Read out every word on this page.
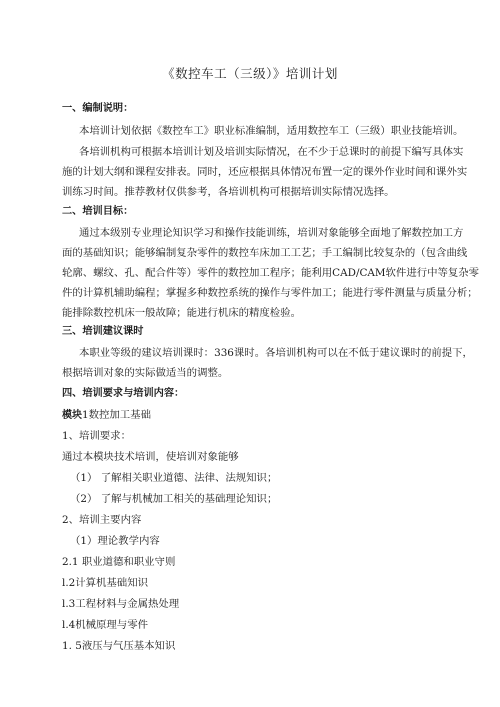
《数控车工（三级）》培训计划
一、编制说明：
本培训计划依据《数控车工》职业标准编制，适用数控车工（三级）职业技能培训。
各培训机构可根据本培训计划及培训实际情况，在不少于总课时的前提下编写具体实
施的计划大纲和课程安排表。同时，还应根据具体情况布置一定的课外作业时间和课外实
训练习时间。推荐教材仅供参考，各培训机构可根据培训实际情况选择。
二、培训目标：
通过本级别专业理论知识学习和操作技能训练，培训对象能够全面地了解数控加工方
面的基础知识；能够编制复杂零件的数控车床加工工艺；手工编制比较复杂的（包含曲线
轮廓、螺纹、孔、配合件等）零件的数控加工程序；能利用CAD/CAM软件进行中等复杂零
件的计算机辅助编程；掌握多种数控系统的操作与零件加工；能进行零件测量与质量分析；
能排除数控机床一般故障；能进行机床的精度检验。
三、培训建议课时
本职业等级的建议培训课时：336课时。各培训机构可以在不低于建议课时的前提下，
根据培训对象的实际做适当的调整。
四、培训要求与培训内容：
模块1数控加工基础
1、培训要求：
通过本模块技术培训，使培训对象能够
（1） 了解相关职业道德、法律、法规知识；
（2） 了解与机械加工相关的基础理论知识；
2、培训主要内容
（1）理论教学内容
2.1 职业道德和职业守则
l.2计算机基础知识
l.3工程材料与金属热处理
l.4机械原理与零件
1. 5液压与气压基本知识
